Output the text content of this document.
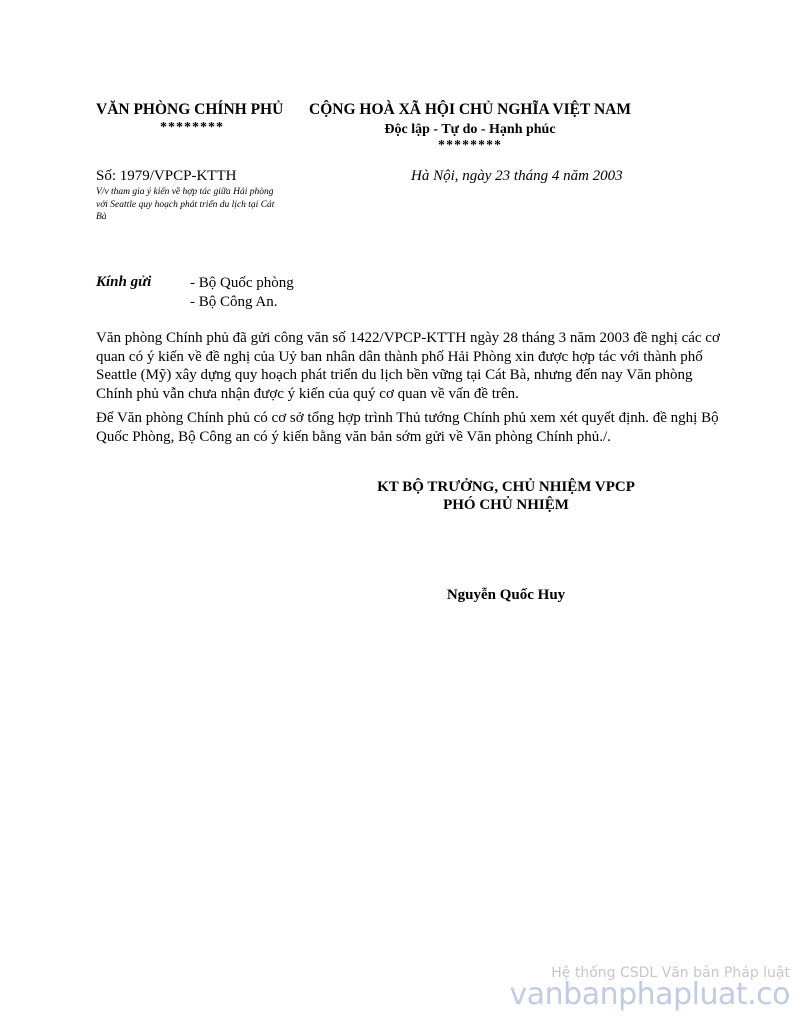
VĂN PHÒNG CHÍNH PHỦ
********
CỘNG HOÀ XÃ HỘI CHỦ NGHĨA VIỆT NAM
Độc lập - Tự do - Hạnh phúc
********
Số: 1979/VPCP-KTTH
V/v tham gia ý kiến về hợp tác giữa Hải phòng với Seattle quy hoạch phát triển du lịch tại Cát Bà
Hà Nội, ngày 23 tháng 4 năm 2003
Kính gửi	- Bộ Quốc phòng
- Bộ Công An.

Văn phòng Chính phủ đã gửi công văn số 1422/VPCP-KTTH ngày 28 tháng 3 năm 2003 đề nghị các cơ quan có ý kiến về đề nghị của Uỷ ban nhân dân thành phố Hải Phòng xin được hợp tác với thành phố Seattle (Mỹ) xây dựng quy hoạch phát triển du lịch bền vững tại Cát Bà, nhưng đến nay Văn phòng Chính phủ vẫn chưa nhận được ý kiến của quý cơ quan về vấn đề trên.

Để Văn phòng Chính phủ có cơ sở tổng hợp trình Thủ tướng Chính phủ xem xét quyết định. đề nghị Bộ Quốc Phòng, Bộ Công an có ý kiến bằng văn bản sớm gửi về Văn phòng Chính phủ./.

KT BỘ TRƯỞNG, CHỦ NHIỆM VPCP
PHÓ CHỦ NHIỆM
Nguyễn Quốc Huy
Hệ thống CSDL Văn bản Pháp luật
vanbanphapluat.co
